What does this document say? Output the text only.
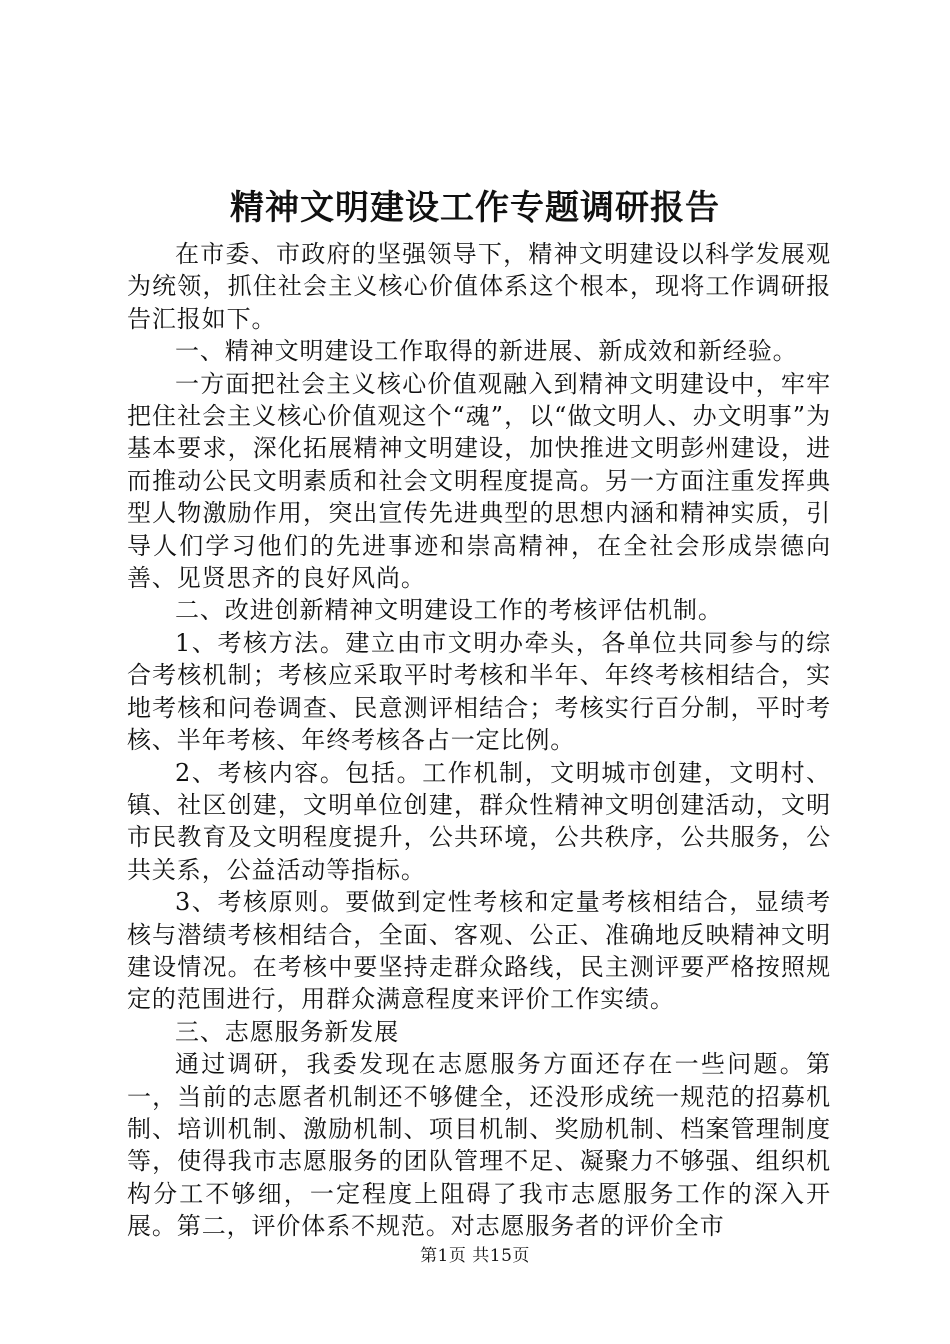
精神文明建设工作专题调研报告

在市委、市政府的坚强领导下，精神文明建设以科学发展观为统领，抓住社会主义核心价值体系这个根本，现将工作调研报告汇报如下。

一、精神文明建设工作取得的新进展、新成效和新经验。

一方面把社会主义核心价值观融入到精神文明建设中，牢牢把住社会主义核心价值观这个“魂”，以“做文明人、办文明事”为基本要求，深化拓展精神文明建设，加快推进文明彭州建设，进而推动公民文明素质和社会文明程度提高。另一方面注重发挥典型人物激励作用，突出宣传先进典型的思想内涵和精神实质，引导人们学习他们的先进事迹和崇高精神，在全社会形成崇德向善、见贤思齐的良好风尚。

二、改进创新精神文明建设工作的考核评估机制。

1、考核方法。建立由市文明办牵头，各单位共同参与的综合考核机制；考核应采取平时考核和半年、年终考核相结合，实地考核和问卷调查、民意测评相结合；考核实行百分制，平时考核、半年考核、年终考核各占一定比例。

2、考核内容。包括。工作机制，文明城市创建，文明村、镇、社区创建，文明单位创建，群众性精神文明创建活动，文明市民教育及文明程度提升，公共环境，公共秩序，公共服务，公共关系，公益活动等指标。

3、考核原则。要做到定性考核和定量考核相结合，显绩考核与潜绩考核相结合，全面、客观、公正、准确地反映精神文明建设情况。在考核中要坚持走群众路线，民主测评要严格按照规定的范围进行，用群众满意程度来评价工作实绩。

三、志愿服务新发展

通过调研，我委发现在志愿服务方面还存在一些问题。第一，当前的志愿者机制还不够健全，还没形成统一规范的招募机制、培训机制、激励机制、项目机制、奖励机制、档案管理制度等，使得我市志愿服务的团队管理不足、凝聚力不够强、组织机构分工不够细，一定程度上阻碍了我市志愿服务工作的深入开展。第二，评价体系不规范。对志愿服务者的评价全市

第1页 共15页
